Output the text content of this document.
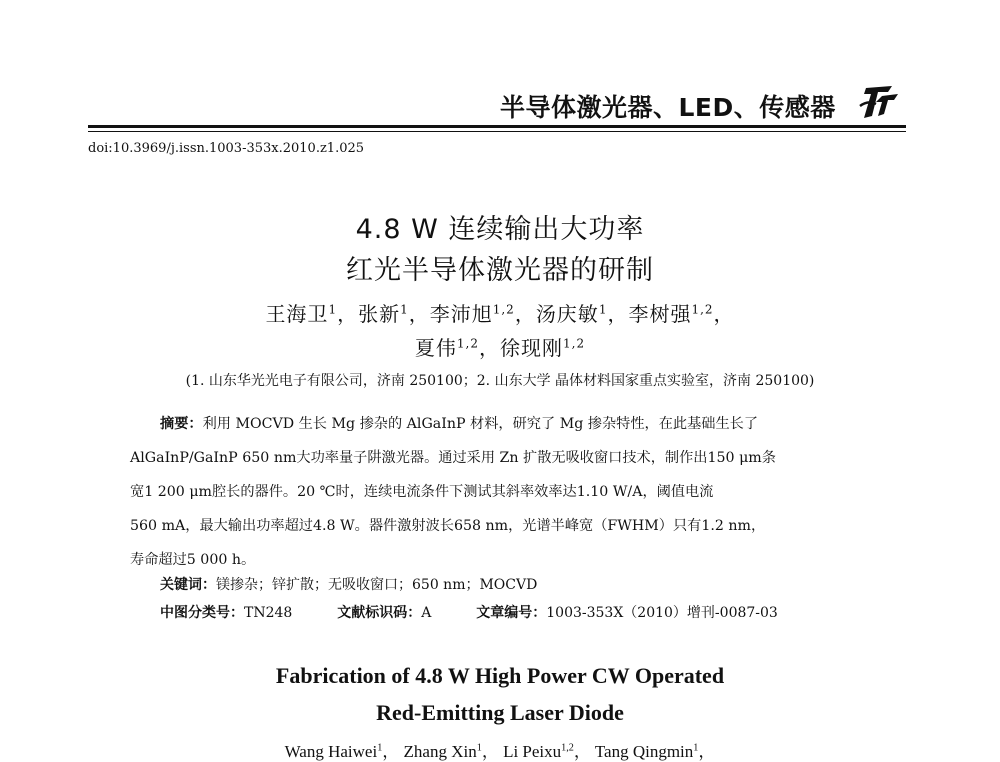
半导体激光器、LED、传感器
doi:10.3969/j.issn.1003-353x.2010.z1.025
4.8 W 连续输出大功率
红光半导体激光器的研制
王海卫$^1$，张新$^1$，李沛旭$^{1,2}$，汤庆敏$^1$，李树强$^{1,2}$，
夏伟$^{1,2}$，徐现刚$^{1,2}$
(1. 山东华光光电子有限公司，济南 250100；2. 山东大学 晶体材料国家重点实验室，济南 250100)
摘要：利用 MOCVD 生长 Mg 掺杂的 AlGaInP 材料，研究了 Mg 掺杂特性，在此基础生长了
AlGaInP/GaInP 650 nm大功率量子阱激光器。通过采用 Zn 扩散无吸收窗口技术，制作出150 μm条
宽1 200 μm腔长的器件。20 ℃时，连续电流条件下测试其斜率效率达1.10 W/A，阈值电流
560 mA，最大输出功率超过4.8 W。器件激射波长658 nm，光谱半峰宽（FWHM）只有1.2 nm，
寿命超过5 000 h。
关键词：镁掺杂；锌扩散；无吸收窗口；650 nm；MOCVD
中图分类号：TN248	文献标识码：A	文章编号：1003-353X（2010）增刊-0087-03
Fabrication of 4.8 W High Power CW Operated
Red-Emitting Laser Diode
Wang Haiwei$^1$， Zhang Xin$^1$， Li Peixu$^{1,2}$， Tang Qingmin$^1$，
